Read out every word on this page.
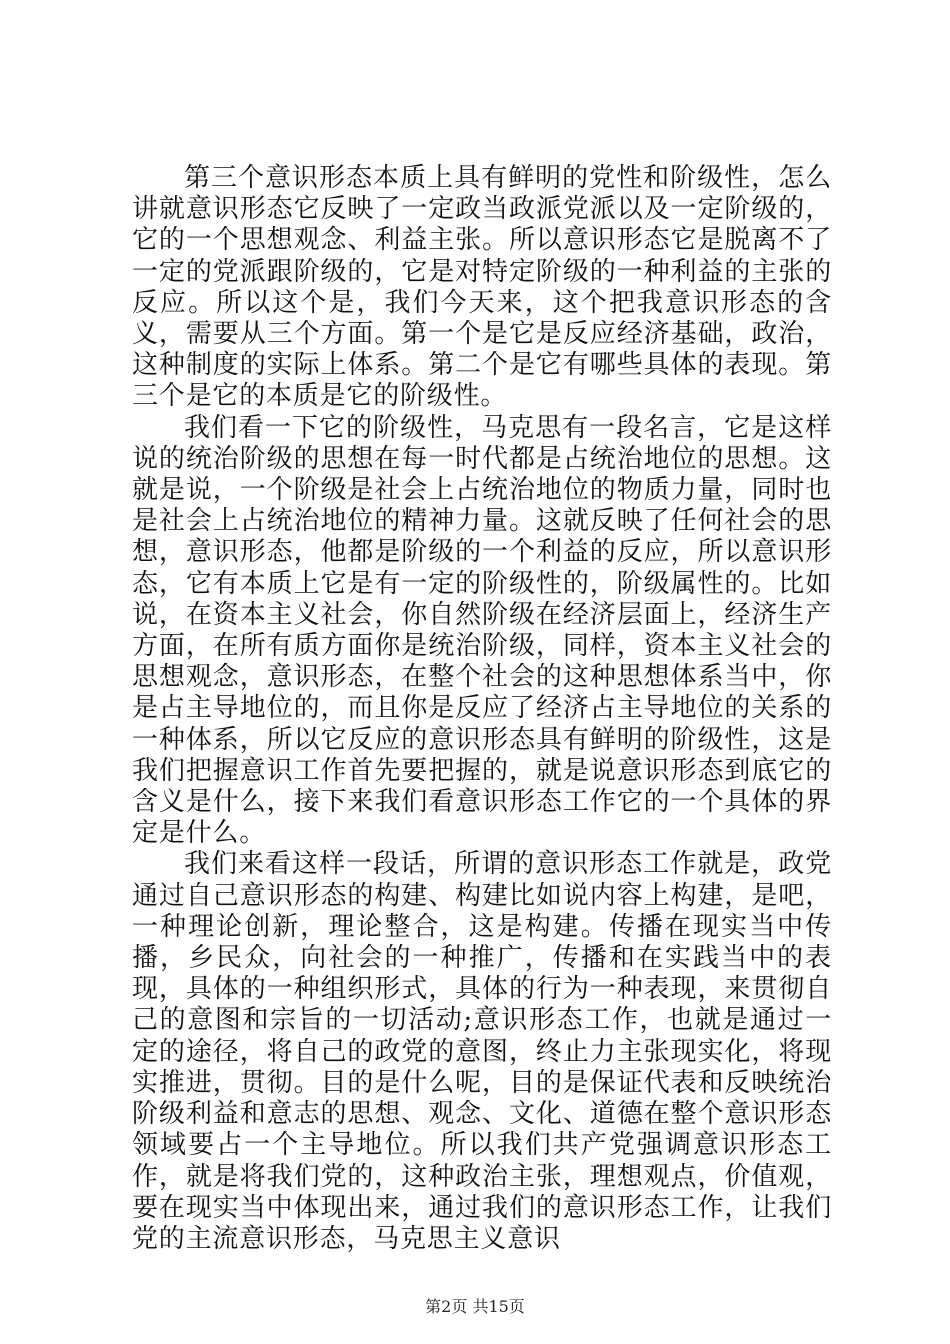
第三个意识形态本质上具有鲜明的党性和阶级性，怎么讲就意识形态它反映了一定政当政派党派以及一定阶级的，它的一个思想观念、利益主张。所以意识形态它是脱离不了一定的党派跟阶级的，它是对特定阶级的一种利益的主张的反应。所以这个是，我们今天来，这个把我意识形态的含义，需要从三个方面。第一个是它是反应经济基础，政治，这种制度的实际上体系。第二个是它有哪些具体的表现。第三个是它的本质是它的阶级性。

我们看一下它的阶级性，马克思有一段名言，它是这样说的统治阶级的思想在每一时代都是占统治地位的思想。这就是说，一个阶级是社会上占统治地位的物质力量，同时也是社会上占统治地位的精神力量。这就反映了任何社会的思想，意识形态，他都是阶级的一个利益的反应，所以意识形态，它有本质上它是有一定的阶级性的，阶级属性的。比如说，在资本主义社会，你自然阶级在经济层面上，经济生产方面，在所有质方面你是统治阶级，同样，资本主义社会的思想观念，意识形态，在整个社会的这种思想体系当中，你是占主导地位的，而且你是反应了经济占主导地位的关系的一种体系，所以它反应的意识形态具有鲜明的阶级性，这是我们把握意识工作首先要把握的，就是说意识形态到底它的含义是什么，接下来我们看意识形态工作它的一个具体的界定是什么。

我们来看这样一段话，所谓的意识形态工作就是，政党通过自己意识形态的构建、构建比如说内容上构建，是吧，一种理论创新，理论整合，这是构建。传播在现实当中传播，乡民众，向社会的一种推广，传播和在实践当中的表现，具体的一种组织形式，具体的行为一种表现，来贯彻自己的意图和宗旨的一切活动;意识形态工作，也就是通过一定的途径，将自己的政党的意图，终止力主张现实化，将现实推进，贯彻。目的是什么呢，目的是保证代表和反映统治阶级利益和意志的思想、观念、文化、道德在整个意识形态领域要占一个主导地位。所以我们共产党强调意识形态工作，就是将我们党的，这种政治主张，理想观点，价值观，要在现实当中体现出来，通过我们的意识形态工作，让我们党的主流意识形态，马克思主义意识

第2页 共15页
